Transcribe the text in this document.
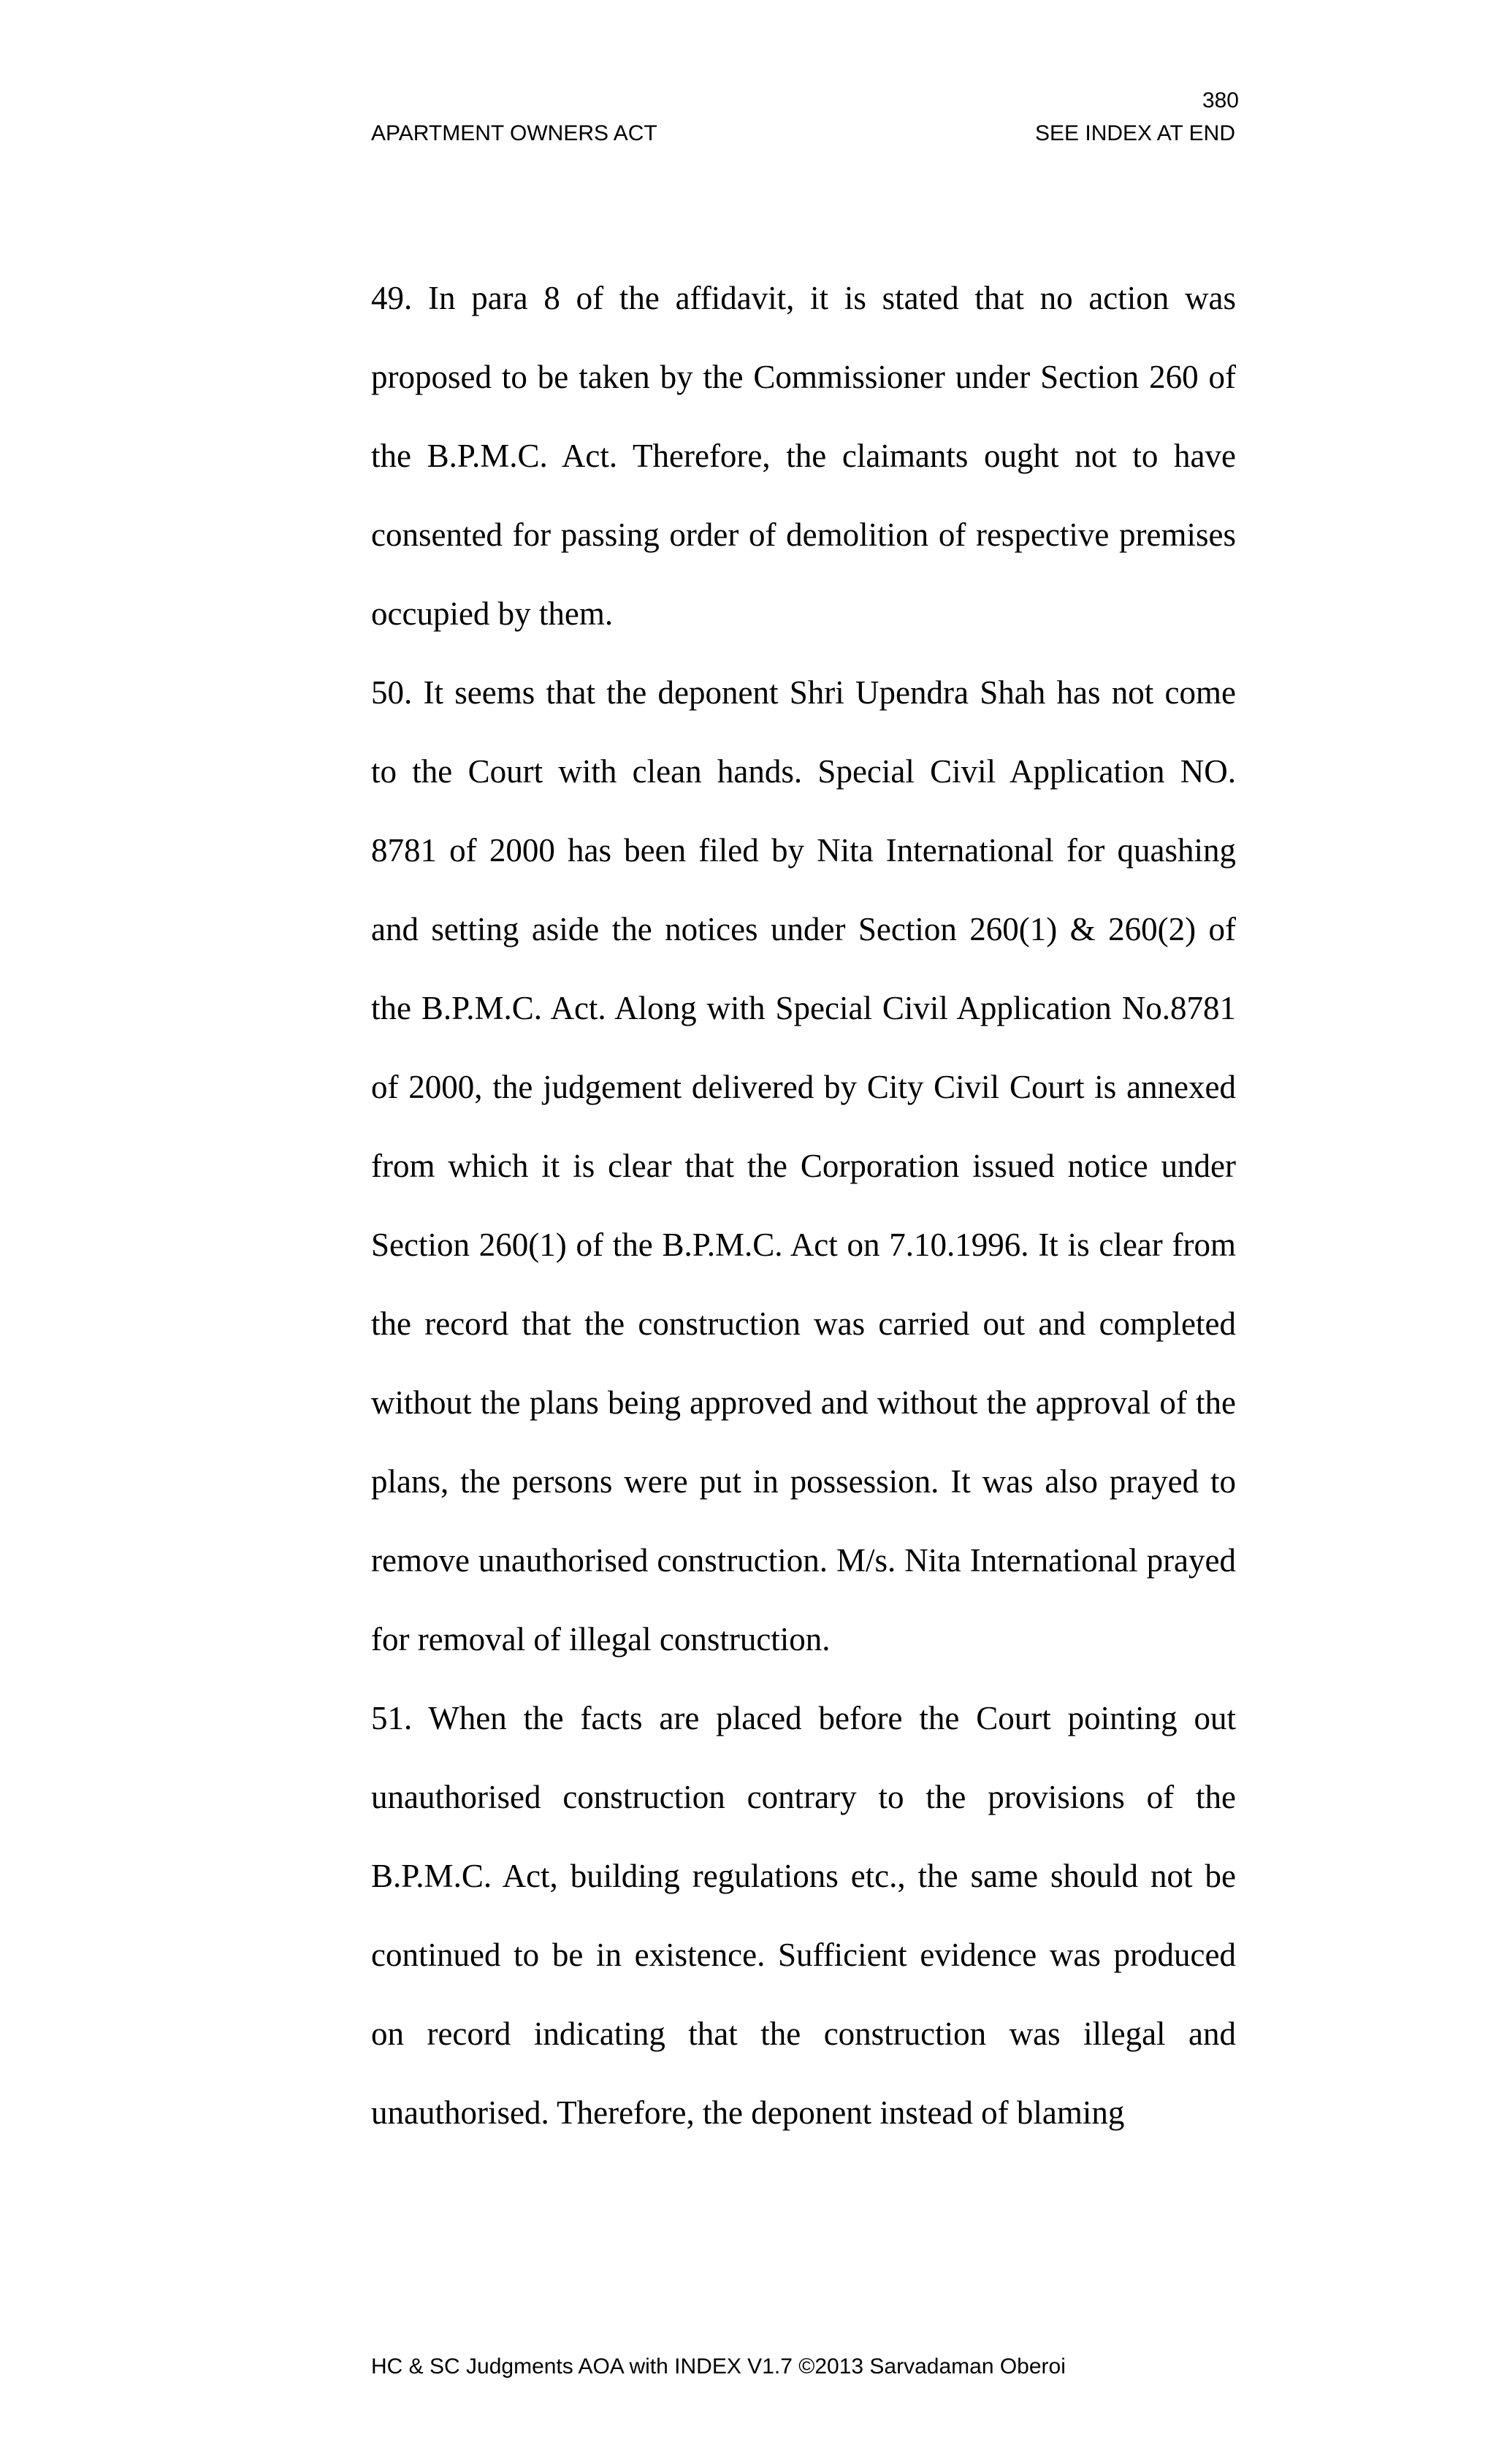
380
APARTMENT OWNERS ACT	SEE INDEX AT END

49. In para 8 of the affidavit, it is stated that no action was proposed to be taken by the Commissioner under Section 260 of the B.P.M.C. Act. Therefore, the claimants ought not to have consented for passing order of demolition of respective premises occupied by them.

50. It seems that the deponent Shri Upendra Shah has not come to the Court with clean hands. Special Civil Application NO. 8781 of 2000 has been filed by Nita International for quashing and setting aside the notices under Section 260(1) & 260(2) of the B.P.M.C. Act. Along with Special Civil Application No.8781 of 2000, the judgement delivered by City Civil Court is annexed from which it is clear that the Corporation issued notice under Section 260(1) of the B.P.M.C. Act on 7.10.1996. It is clear from the record that the construction was carried out and completed without the plans being approved and without the approval of the plans, the persons were put in possession. It was also prayed to remove unauthorised construction. M/s. Nita International prayed for removal of illegal construction.

51. When the facts are placed before the Court pointing out unauthorised construction contrary to the provisions of the B.P.M.C. Act, building regulations etc., the same should not be continued to be in existence. Sufficient evidence was produced on record indicating that the construction was illegal and unauthorised. Therefore, the deponent instead of blaming

HC & SC Judgments AOA with INDEX V1.7 ©2013 Sarvadaman Oberoi
